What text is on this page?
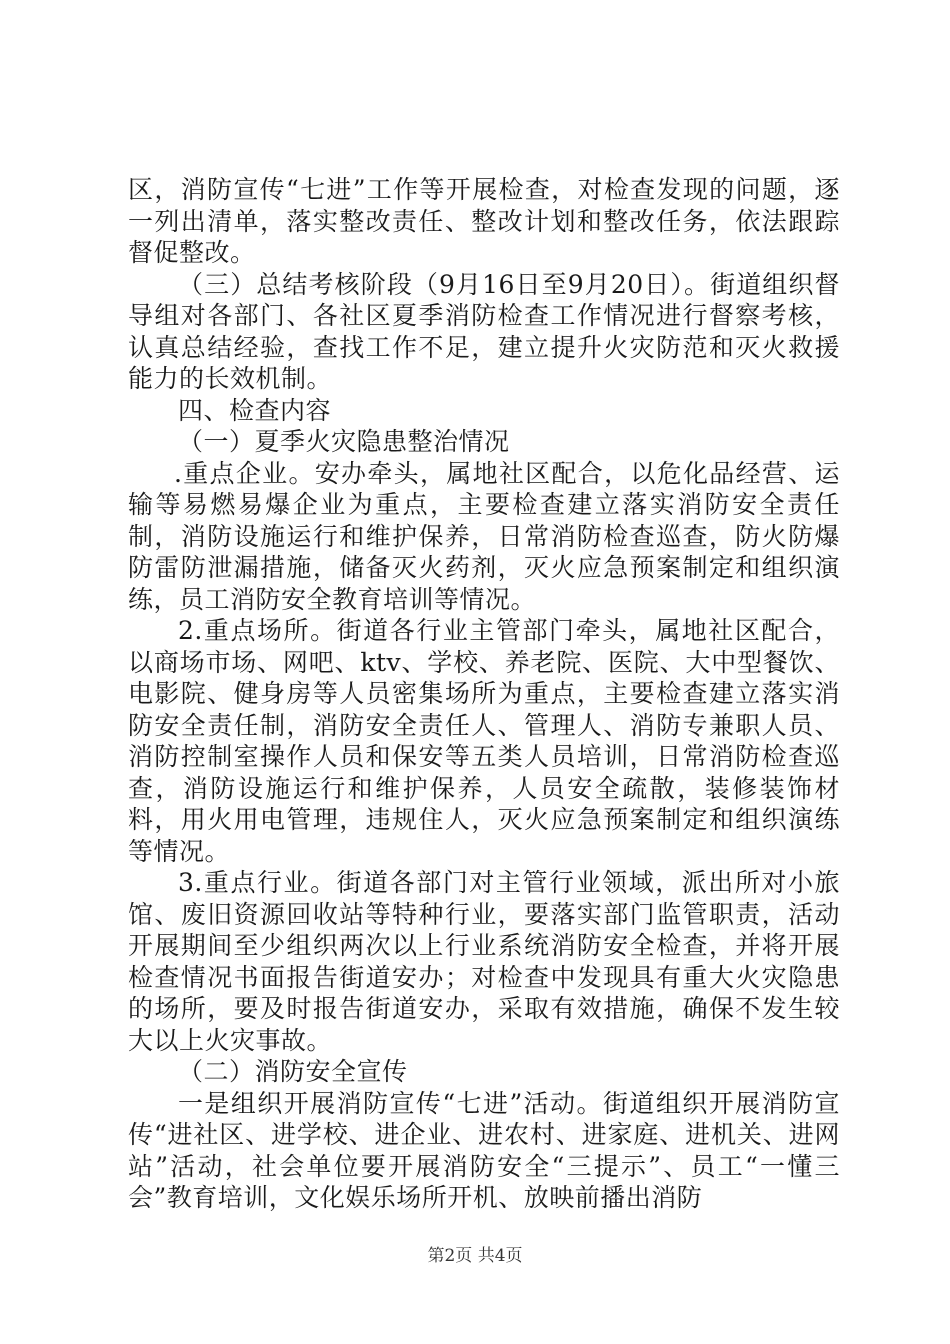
区，消防宣传“七进”工作等开展检查，对检查发现的问题，逐一列出清单，落实整改责任、整改计划和整改任务，依法跟踪督促整改。

（三）总结考核阶段（9月16日至9月20日）。街道组织督导组对各部门、各社区夏季消防检查工作情况进行督察考核，认真总结经验，查找工作不足，建立提升火灾防范和灭火救援能力的长效机制。

四、检查内容

（一）夏季火灾隐患整治情况

.重点企业。安办牵头，属地社区配合，以危化品经营、运输等易燃易爆企业为重点，主要检查建立落实消防安全责任制，消防设施运行和维护保养，日常消防检查巡查，防火防爆防雷防泄漏措施，储备灭火药剂，灭火应急预案制定和组织演练，员工消防安全教育培训等情况。

2.重点场所。街道各行业主管部门牵头，属地社区配合，以商场市场、网吧、ktv、学校、养老院、医院、大中型餐饮、电影院、健身房等人员密集场所为重点，主要检查建立落实消防安全责任制，消防安全责任人、管理人、消防专兼职人员、消防控制室操作人员和保安等五类人员培训，日常消防检查巡查，消防设施运行和维护保养，人员安全疏散，装修装饰材料，用火用电管理，违规住人，灭火应急预案制定和组织演练等情况。

3.重点行业。街道各部门对主管行业领域，派出所对小旅馆、废旧资源回收站等特种行业，要落实部门监管职责，活动开展期间至少组织两次以上行业系统消防安全检查，并将开展检查情况书面报告街道安办；对检查中发现具有重大火灾隐患的场所，要及时报告街道安办，采取有效措施，确保不发生较大以上火灾事故。

（二）消防安全宣传

一是组织开展消防宣传“七进”活动。街道组织开展消防宣传“进社区、进学校、进企业、进农村、进家庭、进机关、进网站”活动，社会单位要开展消防安全“三提示”、员工“一懂三会”教育培训，文化娱乐场所开机、放映前播出消防

第2页 共4页
